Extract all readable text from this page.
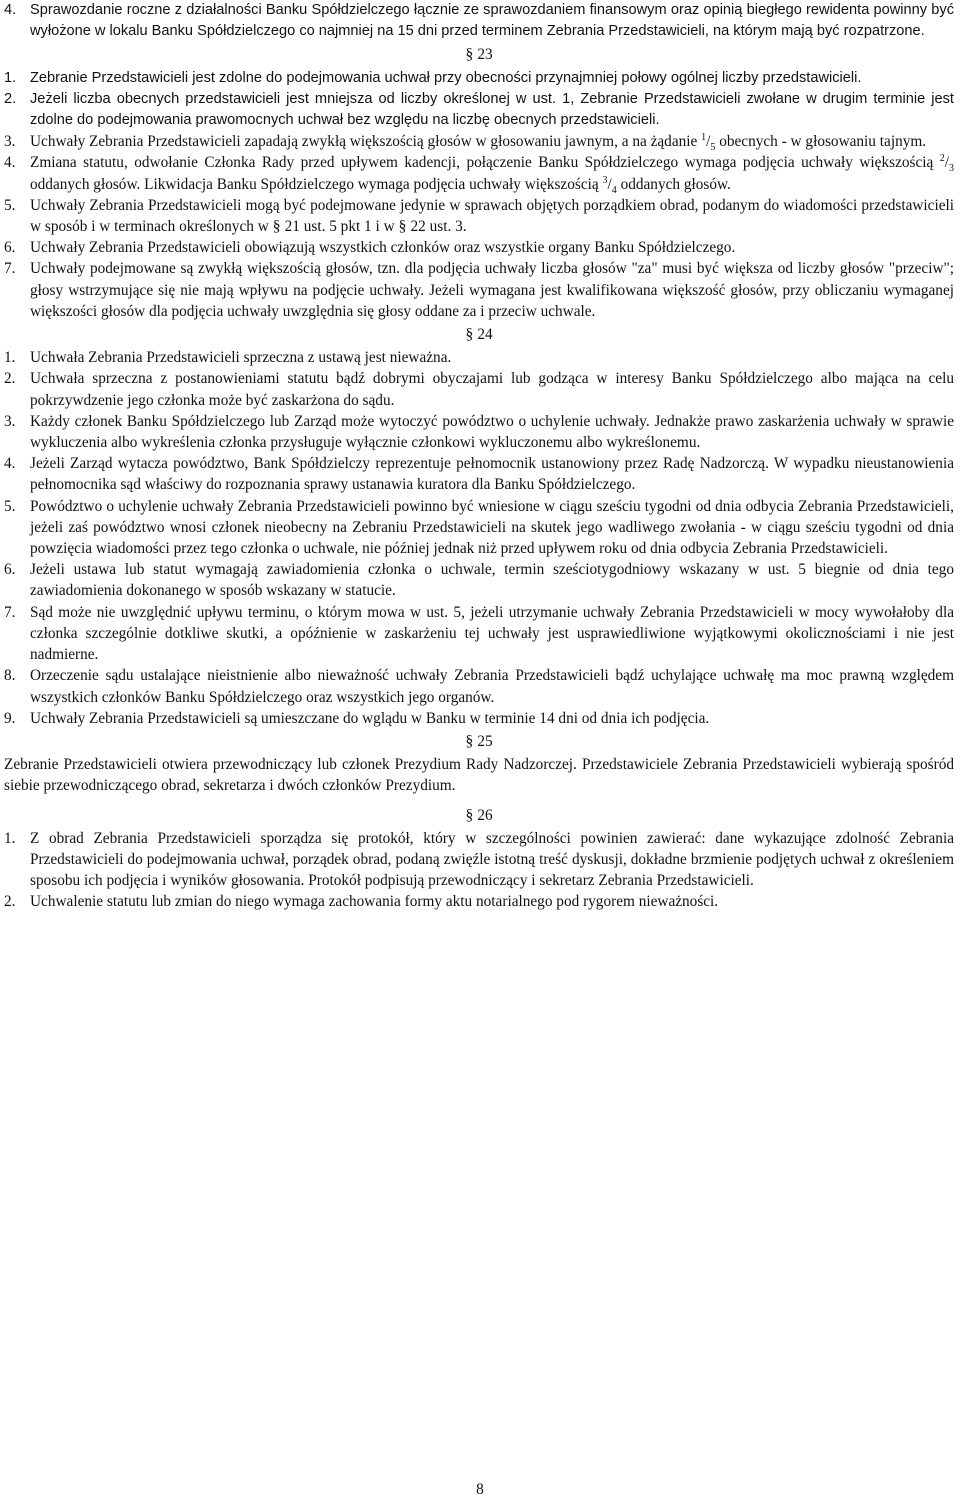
4. Sprawozdanie roczne z działalności Banku Spółdzielczego łącznie ze sprawozdaniem finansowym oraz opinią biegłego rewidenta powinny być wyłożone w lokalu Banku Spółdzielczego co najmniej na 15 dni przed terminem Zebrania Przedstawicieli, na którym mają być rozpatrzone.
§ 23
1. Zebranie Przedstawicieli jest zdolne do podejmowania uchwał przy obecności przynajmniej połowy ogólnej liczby przedstawicieli.
2. Jeżeli liczba obecnych przedstawicieli jest mniejsza od liczby określonej w ust. 1, Zebranie Przedstawicieli zwołane w drugim terminie jest zdolne do podejmowania prawomocnych uchwał bez względu na liczbę obecnych przedstawicieli.
3. Uchwały Zebrania Przedstawicieli zapadają zwykłą większością głosów w głosowaniu jawnym, a na żądanie $^1/_5$ obecnych - w głosowaniu tajnym.
4. Zmiana statutu, odwołanie Członka Rady przed upływem kadencji, połączenie Banku Spółdzielczego wymaga podjęcia uchwały większością $^2/_3$ oddanych głosów. Likwidacja Banku Spółdzielczego wymaga podjęcia uchwały większością $^3/_4$ oddanych głosów.
5. Uchwały Zebrania Przedstawicieli mogą być podejmowane jedynie w sprawach objętych porządkiem obrad, podanym do wiadomości przedstawicieli w sposób i w terminach określonych w § 21 ust. 5 pkt 1 i w § 22 ust. 3.
6. Uchwały Zebrania Przedstawicieli obowiązują wszystkich członków oraz wszystkie organy Banku Spółdzielczego.
7. Uchwały podejmowane są zwykłą większością głosów, tzn. dla podjęcia uchwały liczba głosów "za" musi być większa od liczby głosów "przeciw"; głosy wstrzymujące się nie mają wpływu na podjęcie uchwały. Jeżeli wymagana jest kwalifikowana większość głosów, przy obliczaniu wymaganej większości głosów dla podjęcia uchwały uwzględnia się głosy oddane za i przeciw uchwale.
§ 24
1. Uchwała Zebrania Przedstawicieli sprzeczna z ustawą jest nieważna.
2. Uchwała sprzeczna z postanowieniami statutu bądź dobrymi obyczajami lub godząca w interesy Banku Spółdzielczego albo mająca na celu pokrzywdzenie jego członka może być zaskarżona do sądu.
3. Każdy członek Banku Spółdzielczego lub Zarząd może wytoczyć powództwo o uchylenie uchwały. Jednakże prawo zaskarżenia uchwały w sprawie wykluczenia albo wykreślenia członka przysługuje wyłącznie członkowi wykluczonemu albo wykreślonemu.
4. Jeżeli Zarząd wytacza powództwo, Bank Spółdzielczy reprezentuje pełnomocnik ustanowiony przez Radę Nadzorczą. W wypadku nieustanowienia pełnomocnika sąd właściwy do rozpoznania sprawy ustanawia kuratora dla Banku Spółdzielczego.
5. Powództwo o uchylenie uchwały Zebrania Przedstawicieli powinno być wniesione w ciągu sześciu tygodni od dnia odbycia Zebrania Przedstawicieli, jeżeli zaś powództwo wnosi członek nieobecny na Zebraniu Przedstawicieli na skutek jego wadliwego zwołania - w ciągu sześciu tygodni od dnia powzięcia wiadomości przez tego członka o uchwale, nie później jednak niż przed upływem roku od dnia odbycia Zebrania Przedstawicieli.
6. Jeżeli ustawa lub statut wymagają zawiadomienia członka o uchwale, termin sześciotygodniowy wskazany w ust. 5 biegnie od dnia tego zawiadomienia dokonanego w sposób wskazany w statucie.
7. Sąd może nie uwzględnić upływu terminu, o którym mowa w ust. 5, jeżeli utrzymanie uchwały Zebrania Przedstawicieli w mocy wywołałoby dla członka szczególnie dotkliwe skutki, a opóźnienie w zaskarżeniu tej uchwały jest usprawiedliwione wyjątkowymi okolicznościami i nie jest nadmierne.
8. Orzeczenie sądu ustalające nieistnienie albo nieważność uchwały Zebrania Przedstawicieli bądź uchylające uchwałę ma moc prawną względem wszystkich członków Banku Spółdzielczego oraz wszystkich jego organów.
9. Uchwały Zebrania Przedstawicieli są umieszczane do wglądu w Banku w terminie 14 dni od dnia ich podjęcia.
§ 25
Zebranie Przedstawicieli otwiera przewodniczący lub członek Prezydium Rady Nadzorczej. Przedstawiciele Zebrania Przedstawicieli wybierają spośród siebie przewodniczącego obrad, sekretarza i dwóch członków Prezydium.
§ 26
1. Z obrad Zebrania Przedstawicieli sporządza się protokół, który w szczególności powinien zawierać: dane wykazujące zdolność Zebrania Przedstawicieli do podejmowania uchwał, porządek obrad, podaną zwięźle istotną treść dyskusji, dokładne brzmienie podjętych uchwał z określeniem sposobu ich podjęcia i wyników głosowania. Protokół podpisują przewodniczący i sekretarz Zebrania Przedstawicieli.
2. Uchwalenie statutu lub zmian do niego wymaga zachowania formy aktu notarialnego pod rygorem nieważności.
8
